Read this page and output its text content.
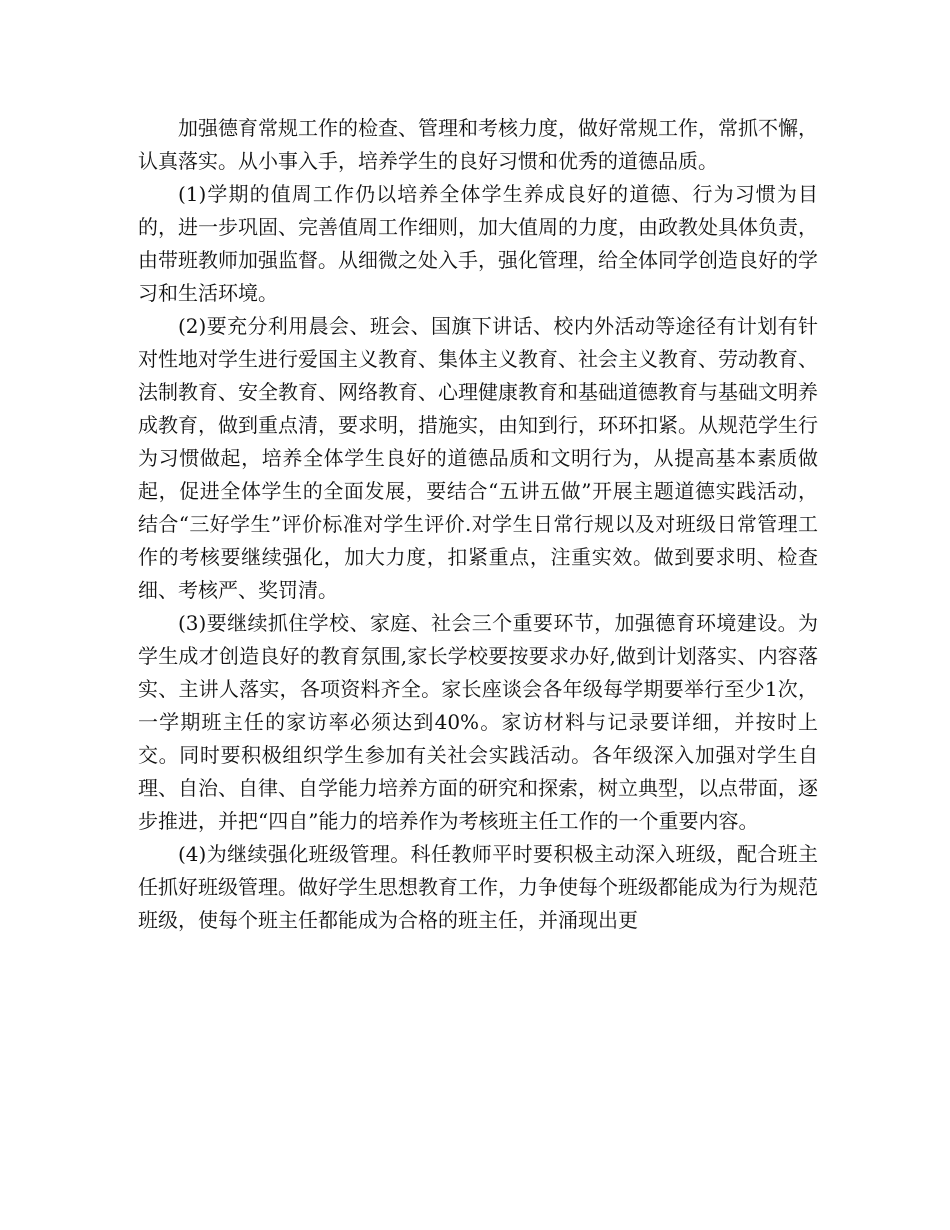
加强德育常规工作的检查、管理和考核力度，做好常规工作，常抓不懈，认真落实。从小事入手，培养学生的良好习惯和优秀的道德品质。

(1)学期的值周工作仍以培养全体学生养成良好的道德、行为习惯为目的，进一步巩固、完善值周工作细则，加大值周的力度，由政教处具体负责，由带班教师加强监督。从细微之处入手，强化管理，给全体同学创造良好的学习和生活环境。

(2)要充分利用晨会、班会、国旗下讲话、校内外活动等途径有计划有针对性地对学生进行爱国主义教育、集体主义教育、社会主义教育、劳动教育、法制教育、安全教育、网络教育、心理健康教育和基础道德教育与基础文明养成教育，做到重点清，要求明，措施实，由知到行，环环扣紧。从规范学生行为习惯做起，培养全体学生良好的道德品质和文明行为，从提高基本素质做起，促进全体学生的全面发展，要结合“五讲五做”开展主题道德实践活动，结合“三好学生”评价标准对学生评价.对学生日常行规以及对班级日常管理工作的考核要继续强化，加大力度，扣紧重点，注重实效。做到要求明、检查细、考核严、奖罚清。

(3)要继续抓住学校、家庭、社会三个重要环节，加强德育环境建设。为学生成才创造良好的教育氛围,家长学校要按要求办好,做到计划落实、内容落实、主讲人落实，各项资料齐全。家长座谈会各年级每学期要举行至少1次，一学期班主任的家访率必须达到40%。家访材料与记录要详细，并按时上交。同时要积极组织学生参加有关社会实践活动。各年级深入加强对学生自理、自治、自律、自学能力培养方面的研究和探索，树立典型，以点带面，逐步推进，并把“四自”能力的培养作为考核班主任工作的一个重要内容。

(4)为继续强化班级管理。科任教师平时要积极主动深入班级，配合班主任抓好班级管理。做好学生思想教育工作，力争使每个班级都能成为行为规范班级，使每个班主任都能成为合格的班主任，并涌现出更
